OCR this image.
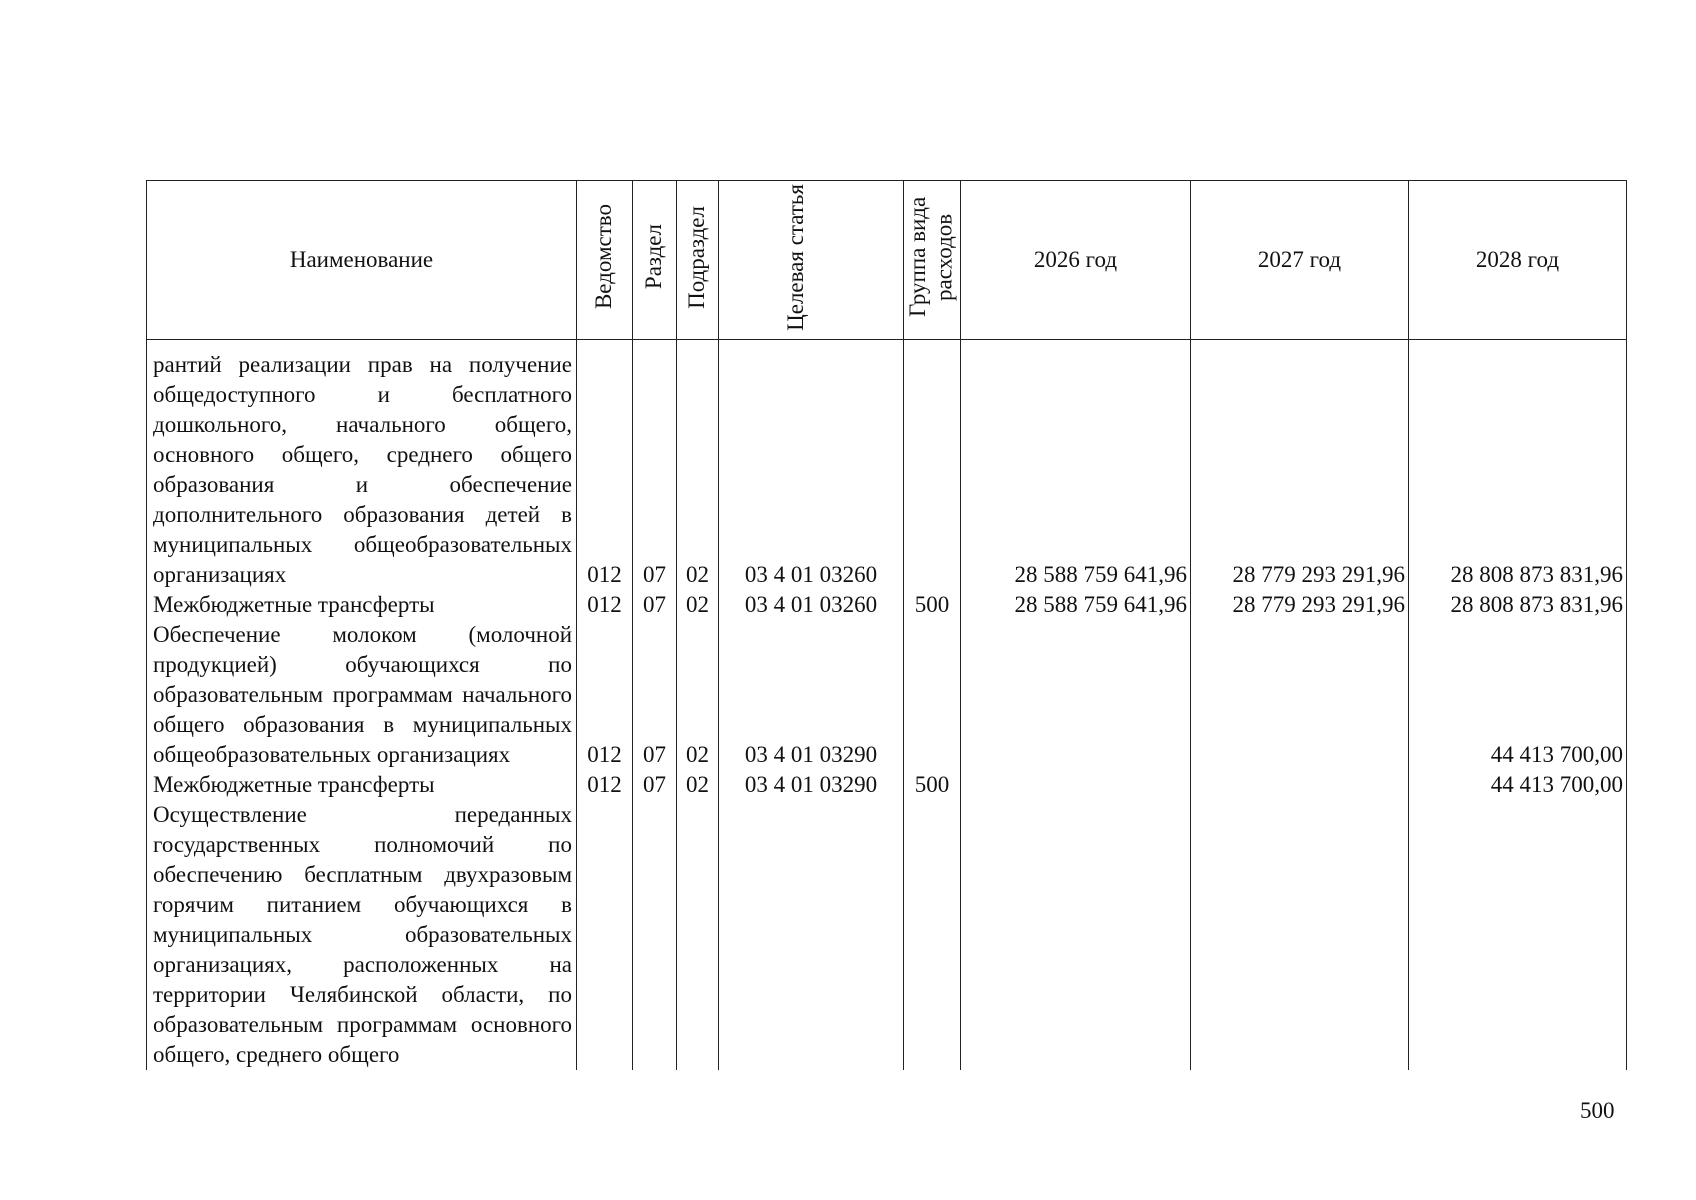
Наименование	Ведомство	Раздел	Подраздел	Целевая статья	Группа вида расходов	2026 год	2027 год	2028 год

рантий реализации прав на получение общедоступного и бесплатного дошкольного, начального общего, основного общего, среднего общего образования и обеспечение дополнительного образования детей в муниципальных общеобразовательных организациях	012	07	02	03 4 01 03260		28 588 759 641,96	28 779 293 291,96	28 808 873 831,96
Межбюджетные трансферты	012	07	02	03 4 01 03260	500	28 588 759 641,96	28 779 293 291,96	28 808 873 831,96
Обеспечение молоком (молочной продукцией) обучающихся по образовательным программам начального общего образования в муниципальных общеобразовательных организациях	012	07	02	03 4 01 03290				44 413 700,00
Межбюджетные трансферты	012	07	02	03 4 01 03290	500			44 413 700,00
Осуществление переданных государственных полномочий по обеспечению бесплатным двухразовым горячим питанием обучающихся в муниципальных образовательных организациях, расположенных на территории Челябинской области, по образовательным программам основного общего, среднего общего								
500
